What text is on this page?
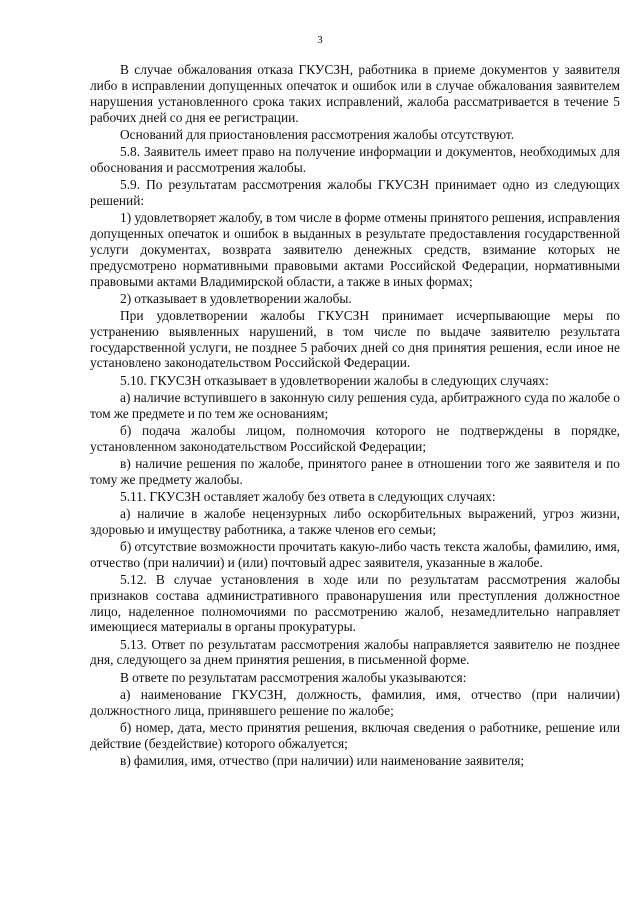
3

В случае обжалования отказа ГКУСЗН, работника в приеме документов у заявителя либо в исправлении допущенных опечаток и ошибок или в случае обжалования заявителем нарушения установленного срока таких исправлений, жалоба рассматривается в течение 5 рабочих дней со дня ее регистрации.

Оснований для приостановления рассмотрения жалобы отсутствуют.

5.8. Заявитель имеет право на получение информации и документов, необходимых для обоснования и рассмотрения жалобы.

5.9. По результатам рассмотрения жалобы ГКУСЗН принимает одно из следующих решений:

1) удовлетворяет жалобу, в том числе в форме отмены принятого решения, исправления допущенных опечаток и ошибок в выданных в результате предоставления государственной услуги документах, возврата заявителю денежных средств, взимание которых не предусмотрено нормативными правовыми актами Российской Федерации, нормативными правовыми актами Владимирской области, а также в иных формах;

2) отказывает в удовлетворении жалобы.

При удовлетворении жалобы ГКУСЗН принимает исчерпывающие меры по устранению выявленных нарушений, в том числе по выдаче заявителю результата государственной услуги, не позднее 5 рабочих дней со дня принятия решения, если иное не установлено законодательством Российской Федерации.

5.10. ГКУСЗН отказывает в удовлетворении жалобы в следующих случаях:

а) наличие вступившего в законную силу решения суда, арбитражного суда по жалобе о том же предмете и по тем же основаниям;

б) подача жалобы лицом, полномочия которого не подтверждены в порядке, установленном законодательством Российской Федерации;

в) наличие решения по жалобе, принятого ранее в отношении того же заявителя и по тому же предмету жалобы.

5.11. ГКУСЗН оставляет жалобу без ответа в следующих случаях:

а) наличие в жалобе нецензурных либо оскорбительных выражений, угроз жизни, здоровью и имуществу работника, а также членов его семьи;

б) отсутствие возможности прочитать какую-либо часть текста жалобы, фамилию, имя, отчество (при наличии) и (или) почтовый адрес заявителя, указанные в жалобе.

5.12. В случае установления в ходе или по результатам рассмотрения жалобы признаков состава административного правонарушения или преступления должностное лицо, наделенное полномочиями по рассмотрению жалоб, незамедлительно направляет имеющиеся материалы в органы прокуратуры.

5.13. Ответ по результатам рассмотрения жалобы направляется заявителю не позднее дня, следующего за днем принятия решения, в письменной форме.

В ответе по результатам рассмотрения жалобы указываются:

а) наименование ГКУСЗН, должность, фамилия, имя, отчество (при наличии) должностного лица, принявшего решение по жалобе;

б) номер, дата, место принятия решения, включая сведения о работнике, решение или действие (бездействие) которого обжалуется;

в) фамилия, имя, отчество (при наличии) или наименование заявителя;
